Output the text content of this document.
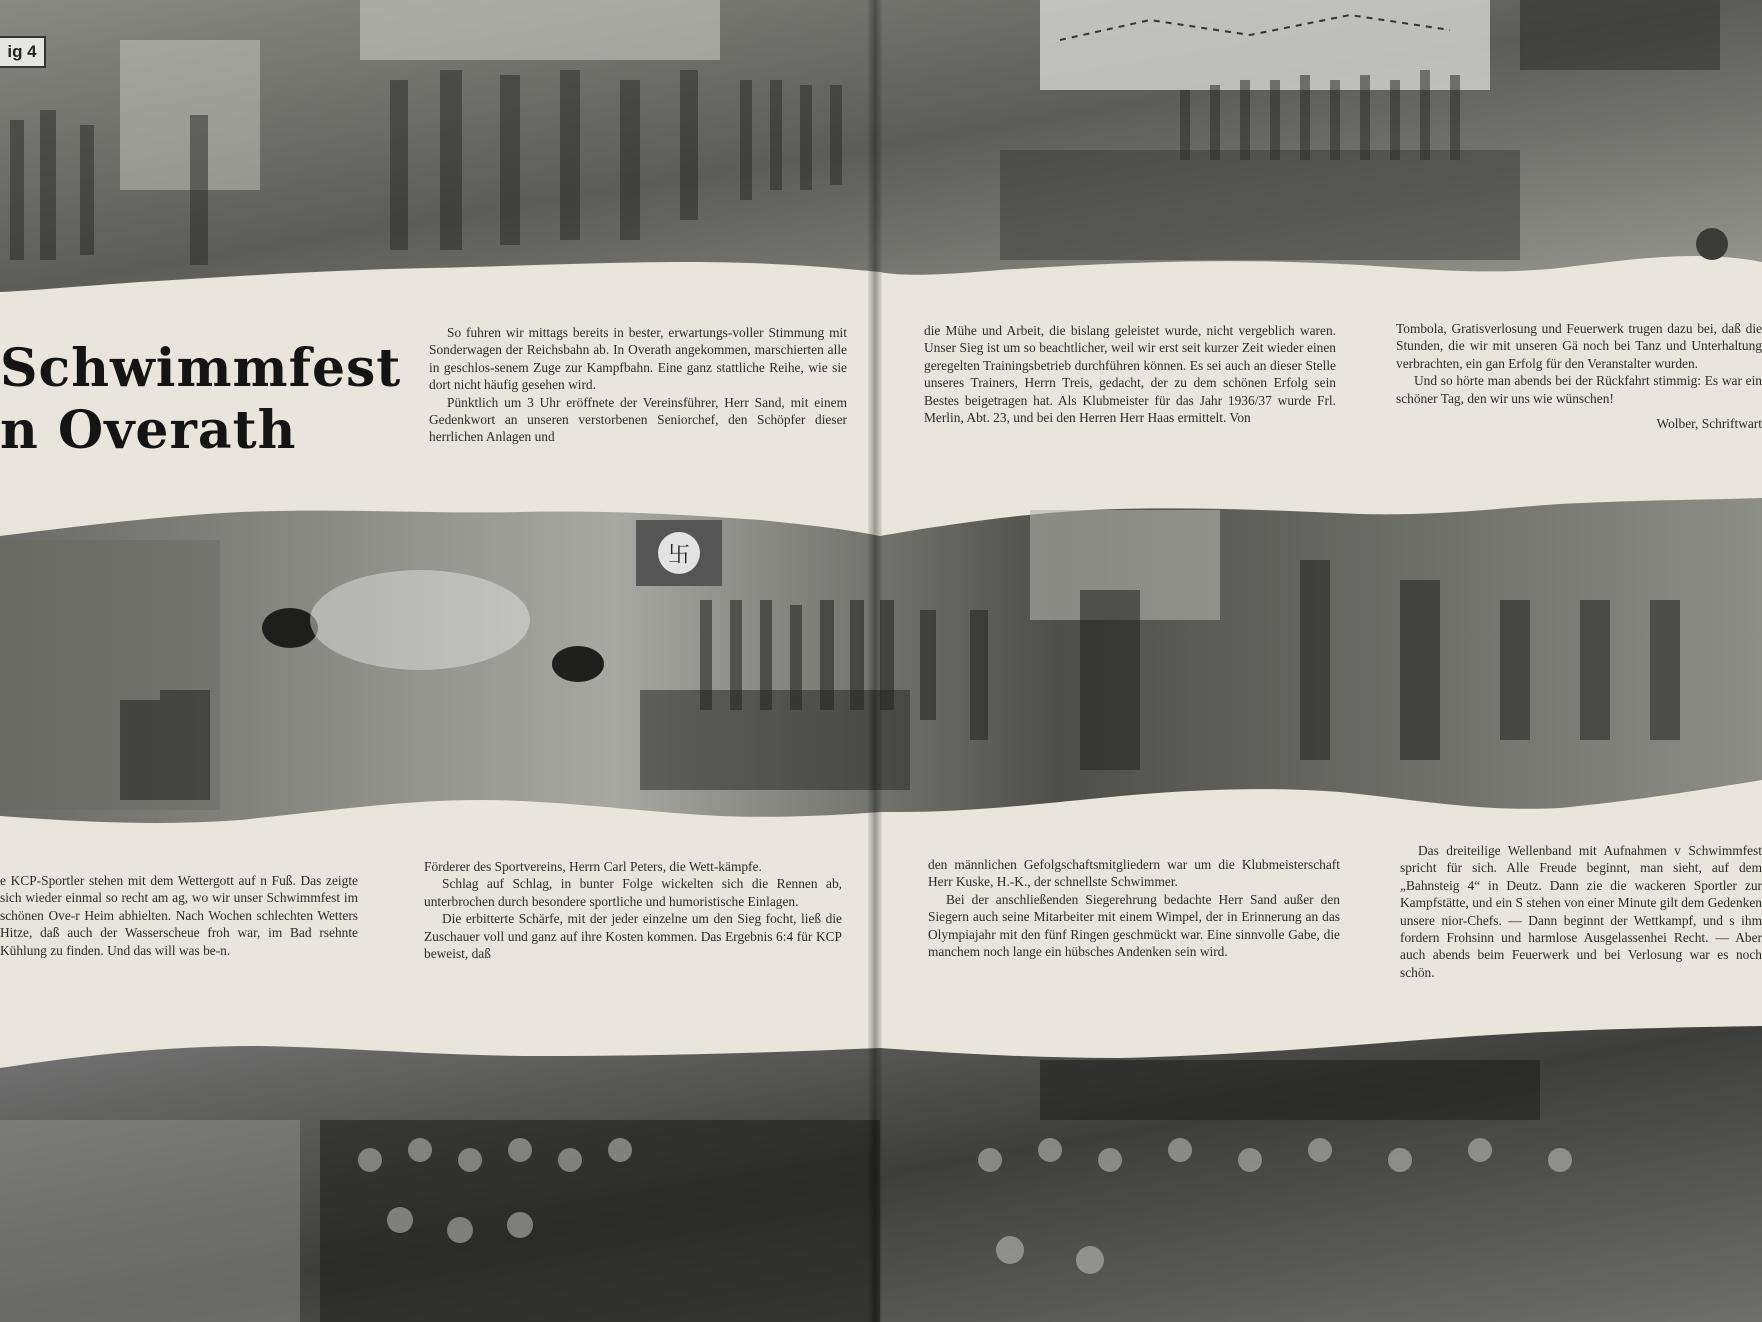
ig 4
卐
Schwimmfest
n Overath

So fuhren wir mittags bereits in bester, erwartungs-voller Stimmung mit Sonderwagen der Reichsbahn ab. In Overath angekommen, marschierten alle in geschlos-senem Zuge zur Kampfbahn. Eine ganz stattliche Reihe, wie sie dort nicht häufig gesehen wird.

Pünktlich um 3 Uhr eröffnete der Vereinsführer, Herr Sand, mit einem Gedenkwort an unseren verstorbenen Seniorchef, den Schöpfer dieser herrlichen Anlagen und

die Mühe und Arbeit, die bislang geleistet wurde, nicht vergeblich waren. Unser Sieg ist um so beachtlicher, weil wir erst seit kurzer Zeit wieder einen geregelten Trainingsbetrieb durchführen können. Es sei auch an dieser Stelle unseres Trainers, Herrn Treis, gedacht, der zu dem schönen Erfolg sein Bestes beigetragen hat. Als Klubmeister für das Jahr 1936/37 wurde Frl. Merlin, Abt. 23, und bei den Herren Herr Haas ermittelt. Von

Tombola, Gratisverlosung und Feuerwerk trugen dazu bei, daß die Stunden, die wir mit unseren Gä noch bei Tanz und Unterhaltung verbrachten, ein gan Erfolg für den Veranstalter wurden.

Und so hörte man abends bei der Rückfahrt stimmig: Es war ein schöner Tag, den wir uns wie wünschen!

Wolber, Schriftwart

e KCP-Sportler stehen mit dem Wettergott auf n Fuß. Das zeigte sich wieder einmal so recht am ag, wo wir unser Schwimmfest im schönen Ove-r Heim abhielten. Nach Wochen schlechten Wetters Hitze, daß auch der Wasserscheue froh war, im Bad rsehnte Kühlung zu finden. Und das will was be-n.

Förderer des Sportvereins, Herrn Carl Peters, die Wett-kämpfe.

Schlag auf Schlag, in bunter Folge wickelten sich die Rennen ab, unterbrochen durch besondere sportliche und humoristische Einlagen.

Die erbitterte Schärfe, mit der jeder einzelne um den Sieg focht, ließ die Zuschauer voll und ganz auf ihre Kosten kommen. Das Ergebnis 6:4 für KCP beweist, daß

den männlichen Gefolgschaftsmitgliedern war um die Klubmeisterschaft Herr Kuske, H.-K., der schnellste Schwimmer.

Bei der anschließenden Siegerehrung bedachte Herr Sand außer den Siegern auch seine Mitarbeiter mit einem Wimpel, der in Erinnerung an das Olympiajahr mit den fünf Ringen geschmückt war. Eine sinnvolle Gabe, die manchem noch lange ein hübsches Andenken sein wird.

Das dreiteilige Wellenband mit Aufnahmen v Schwimmfest spricht für sich. Alle Freude beginnt, man sieht, auf dem „Bahnsteig 4“ in Deutz. Dann zie die wackeren Sportler zur Kampfstätte, und ein S stehen von einer Minute gilt dem Gedenken unsere nior-Chefs. — Dann beginnt der Wettkampf, und s ihm fordern Frohsinn und harmlose Ausgelassenhei Recht. — Aber auch abends beim Feuerwerk und bei Verlosung war es noch schön.
